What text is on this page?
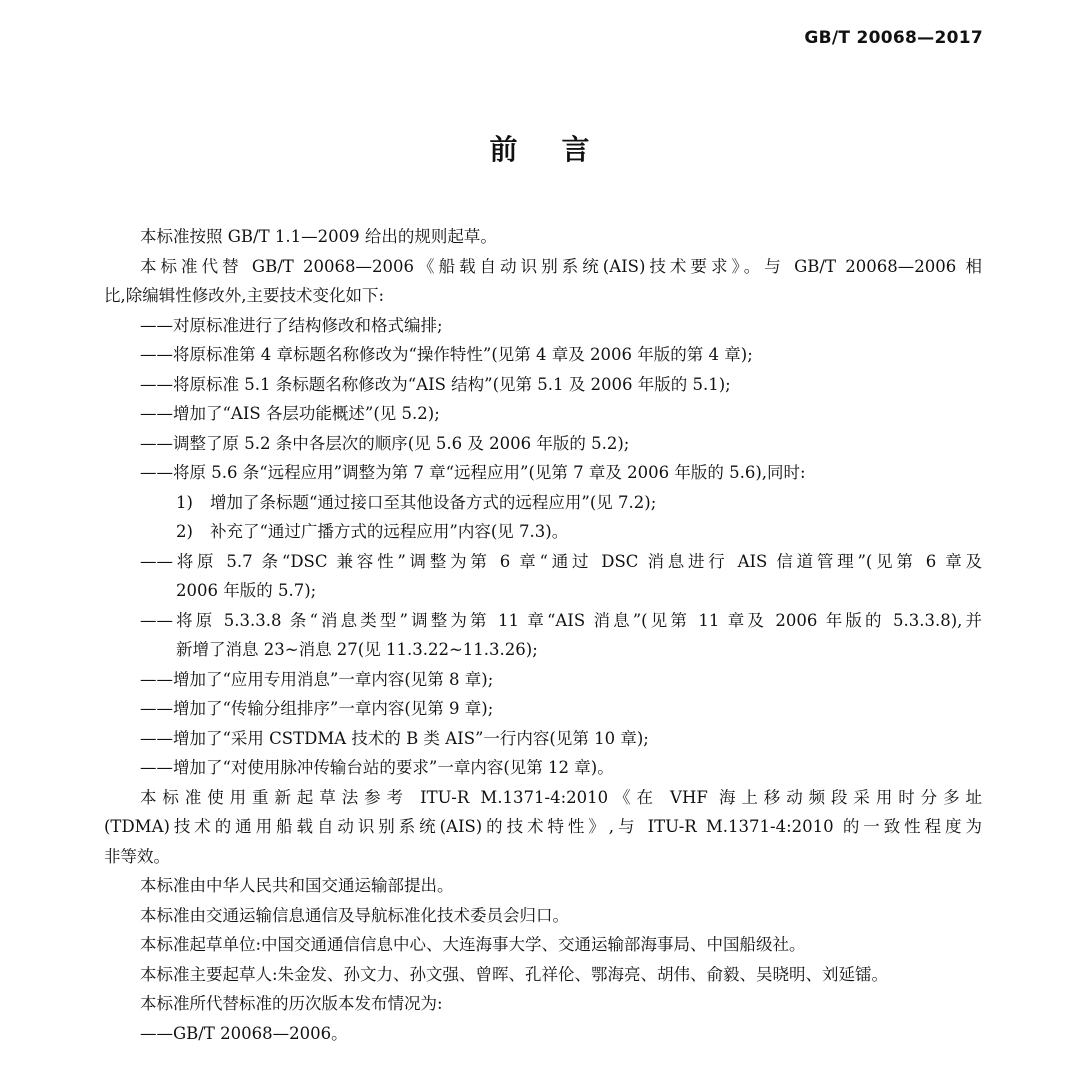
GB/T 20068—2017
前言

本标准按照 GB/T 1.1—2009 给出的规则起草。

本标准代替 GB/T 20068—2006《船载自动识别系统(AIS)技术要求》。与 GB/T 20068—2006 相

比,除编辑性修改外,主要技术变化如下:

——对原标准进行了结构修改和格式编排;

——将原标准第 4 章标题名称修改为“操作特性”(见第 4 章及 2006 年版的第 4 章);

——将原标准 5.1 条标题名称修改为“AIS 结构”(见第 5.1 及 2006 年版的 5.1);

——增加了“AIS 各层功能概述”(见 5.2);

——调整了原 5.2 条中各层次的顺序(见 5.6 及 2006 年版的 5.2);

——将原 5.6 条“远程应用”调整为第 7 章“远程应用”(见第 7 章及 2006 年版的 5.6),同时:

1) 增加了条标题“通过接口至其他设备方式的远程应用”(见 7.2);

2) 补充了“通过广播方式的远程应用”内容(见 7.3)。

——将原 5.7 条“DSC 兼容性”调整为第 6 章“通过 DSC 消息进行 AIS 信道管理”(见第 6 章及

2006 年版的 5.7);

——将原 5.3.3.8 条“消息类型”调整为第 11 章“AIS 消息”(见第 11 章及 2006 年版的 5.3.3.8),并

新增了消息 23~消息 27(见 11.3.22~11.3.26);

——增加了“应用专用消息”一章内容(见第 8 章);

——增加了“传输分组排序”一章内容(见第 9 章);

——增加了“采用 CSTDMA 技术的 B 类 AIS”一行内容(见第 10 章);

——增加了“对使用脉冲传输台站的要求”一章内容(见第 12 章)。

本标准使用重新起草法参考 ITU-R M.1371-4:2010《在 VHF 海上移动频段采用时分多址

(TDMA)技术的通用船载自动识别系统(AIS)的技术特性》,与 ITU-R M.1371-4:2010 的一致性程度为

非等效。

本标准由中华人民共和国交通运输部提出。

本标准由交通运输信息通信及导航标准化技术委员会归口。

本标准起草单位:中国交通通信信息中心、大连海事大学、交通运输部海事局、中国船级社。

本标准主要起草人:朱金发、孙文力、孙文强、曾晖、孔祥伦、鄂海亮、胡伟、俞毅、吴晓明、刘延镭。

本标准所代替标准的历次版本发布情况为:

——GB/T 20068—2006。
